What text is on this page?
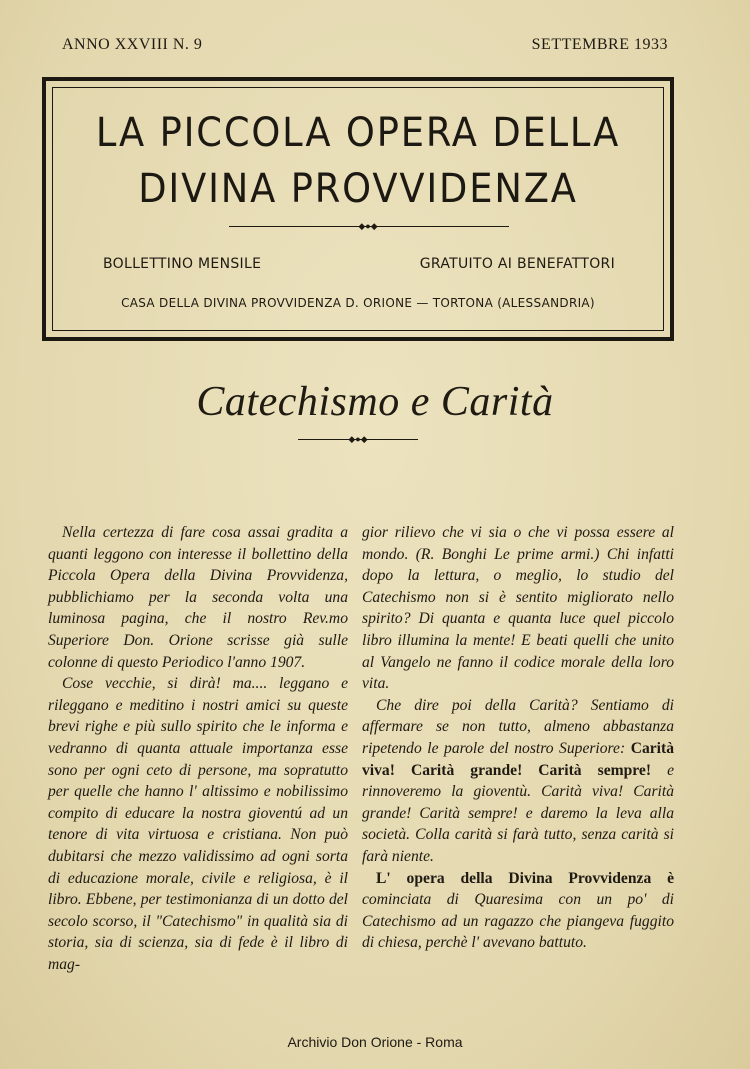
ANNO XXVIII N. 9	SETTEMBRE 1933
LA PICCOLA OPERA DELLA
DIVINA PROVVIDENZA
◆●◆
BOLLETTINO MENSILE	GRATUITO AI BENEFATTORI
CASA DELLA DIVINA PROVVIDENZA D. ORIONE — TORTONA (ALESSANDRIA)
Catechismo e Carità
◆●◆

Nella certezza di fare cosa assai gradita a quanti leggono con interesse il bollettino della Piccola Opera della Divina Provvidenza, pubblichiamo per la seconda volta una luminosa pagina, che il nostro Rev.mo Superiore Don. Orione scrisse già sulle colonne di questo Periodico l'anno 1907.

Cose vecchie, si dirà! ma.... leggano e rileggano e meditino i nostri amici su queste brevi righe e più sullo spirito che le informa e vedranno di quanta attuale importanza esse sono per ogni ceto di persone, ma sopratutto per quelle che hanno l' altissimo e nobilissimo compito di educare la nostra gioventú ad un tenore di vita virtuosa e cristiana. Non può dubitarsi che mezzo validissimo ad ogni sorta di educazione morale, civile e religiosa, è il libro. Ebbene, per testimonianza di un dotto del secolo scorso, il "Catechismo" in qualità sia di storia, sia di scienza, sia di fede è il libro di mag-

gior rilievo che vi sia o che vi possa essere al mondo. (R. Bonghi Le prime armi.) Chi infatti dopo la lettura, o meglio, lo studio del Catechismo non si è sentito migliorato nello spirito? Di quanta e quanta luce quel piccolo libro illumina la mente! E beati quelli che unito al Vangelo ne fanno il codice morale della loro vita.

Che dire poi della Carità? Sentiamo di affermare se non tutto, almeno abbastanza ripetendo le parole del nostro Superiore: Carità viva! Carità grande! Carità sempre! e rinnoveremo la gioventù. Carità viva! Carità grande! Carità sempre! e daremo la leva alla società. Colla carità si farà tutto, senza carità si farà niente.

L' opera della Divina Provvidenza è cominciata di Quaresima con un po' di Catechismo ad un ragazzo che piangeva fuggito di chiesa, perchè l' avevano battuto.

Archivio Don Orione - Roma
